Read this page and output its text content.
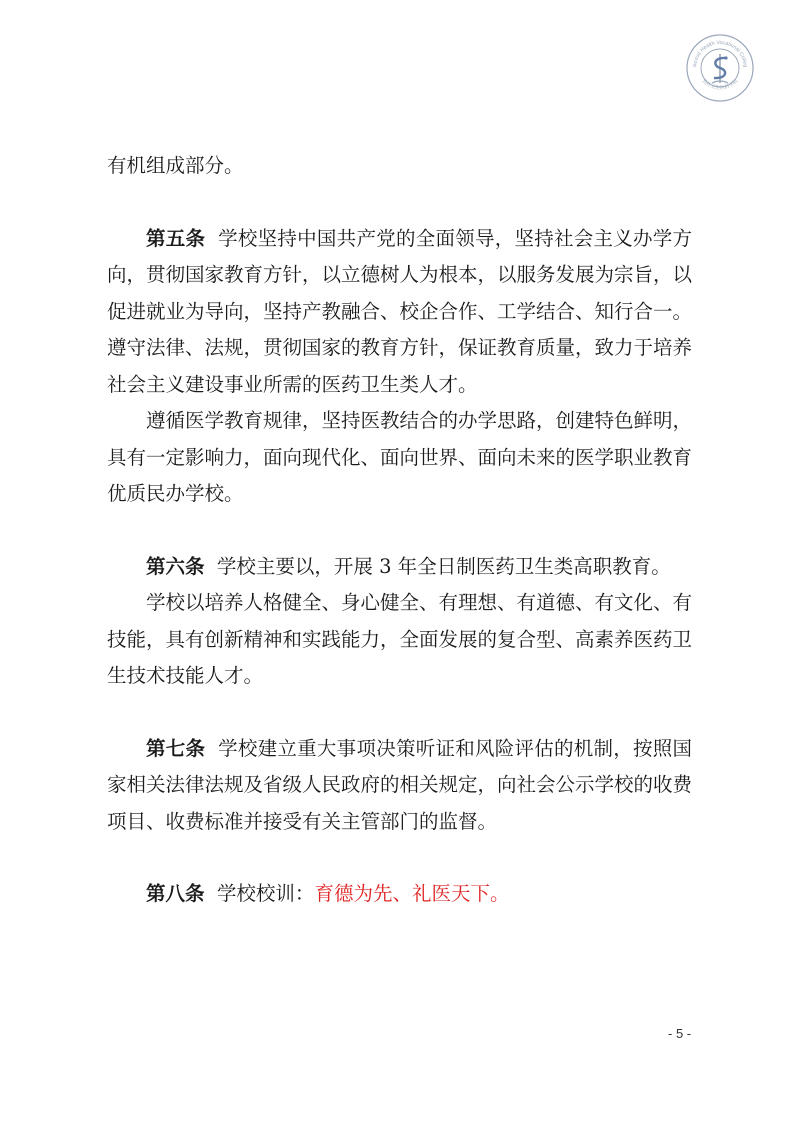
iaozuo Health Vocational Colleg
焦作卫生医药学院

有机组成部分。

第五条 学校坚持中国共产党的全面领导，坚持社会主义办学方向，贯彻国家教育方针，以立德树人为根本，以服务发展为宗旨，以促进就业为导向，坚持产教融合、校企合作、工学结合、知行合一。遵守法律、法规，贯彻国家的教育方针，保证教育质量，致力于培养社会主义建设事业所需的医药卫生类人才。

遵循医学教育规律，坚持医教结合的办学思路，创建特色鲜明，具有一定影响力，面向现代化、面向世界、面向未来的医学职业教育优质民办学校。

第六条 学校主要以，开展 3 年全日制医药卫生类高职教育。

学校以培养人格健全、身心健全、有理想、有道德、有文化、有技能，具有创新精神和实践能力，全面发展的复合型、高素养医药卫生技术技能人才。

第七条 学校建立重大事项决策听证和风险评估的机制，按照国家相关法律法规及省级人民政府的相关规定，向社会公示学校的收费项目、收费标准并接受有关主管部门的监督。

第八条 学校校训：育德为先、礼医天下。

- 5 -
